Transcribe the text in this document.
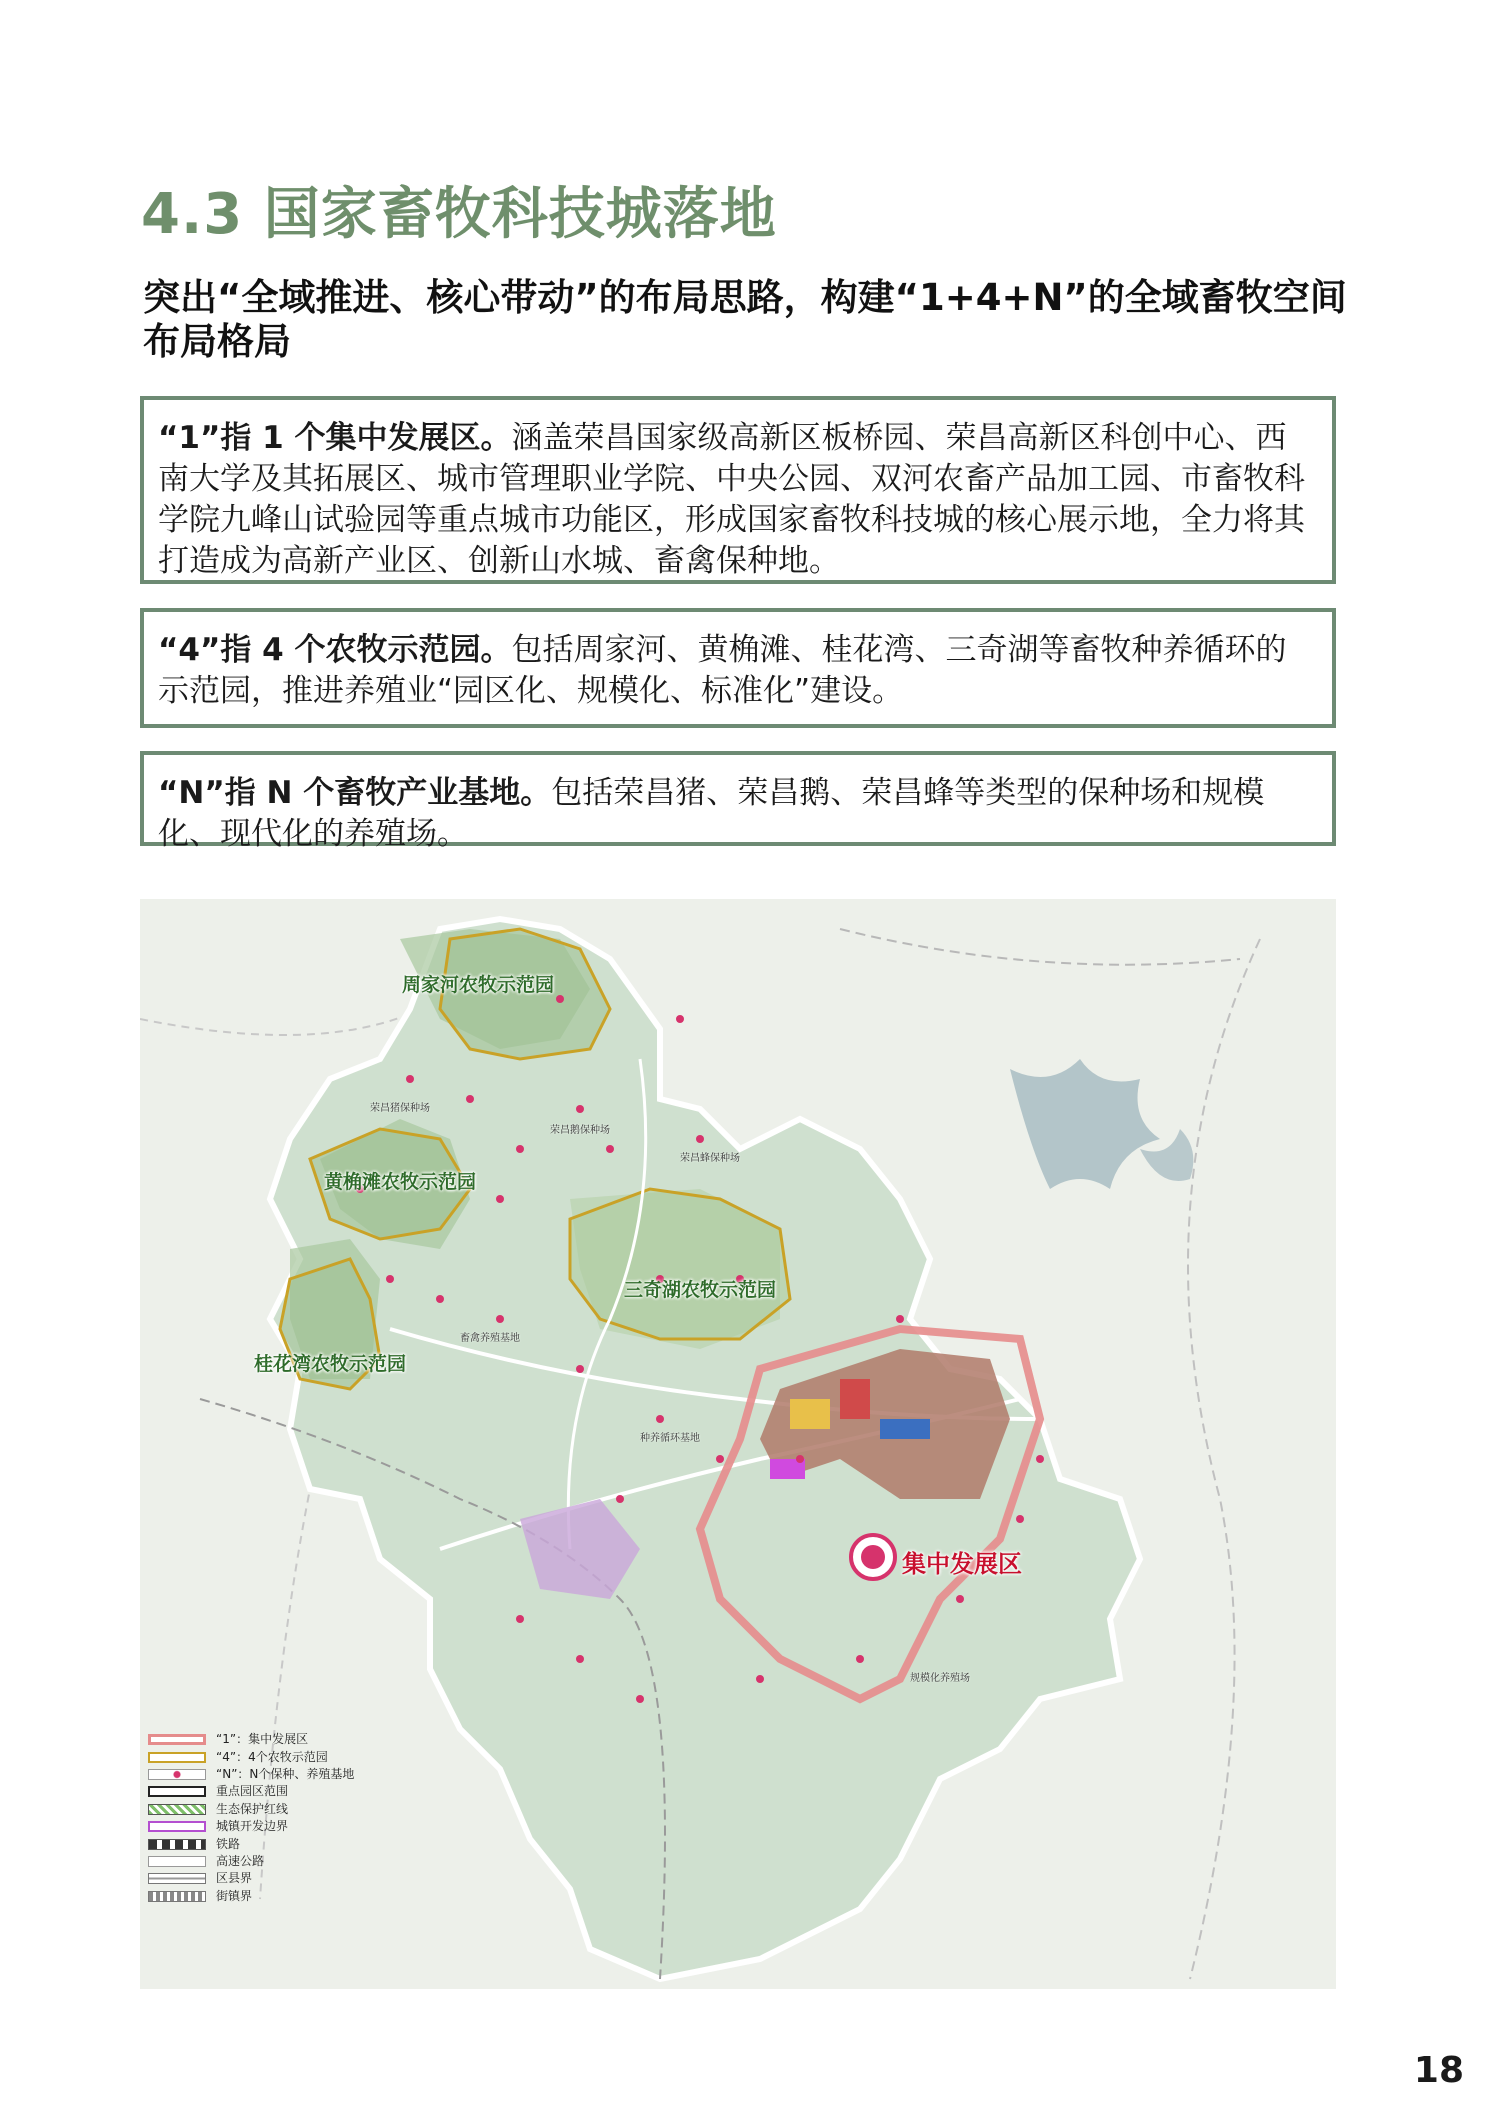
4.3 国家畜牧科技城落地
突出“全域推进、核心带动”的布局思路，构建“1+4+N”的全域畜牧空间布局格局
“1”指 1 个集中发展区。涵盖荣昌国家级高新区板桥园、荣昌高新区科创中心、西南大学及其拓展区、城市管理职业学院、中央公园、双河农畜产品加工园、市畜牧科学院九峰山试验园等重点城市功能区，形成国家畜牧科技城的核心展示地，全力将其打造成为高新产业区、创新山水城、畜禽保种地。
“4”指 4 个农牧示范园。包括周家河、黄桷滩、桂花湾、三奇湖等畜牧种养循环的示范园，推进养殖业“园区化、规模化、标准化”建设。
“N”指 N 个畜牧产业基地。包括荣昌猪、荣昌鹅、荣昌蜂等类型的保种场和规模化、现代化的养殖场。
周家河农牧示范园
黄桷滩农牧示范园
三奇湖农牧示范园
桂花湾农牧示范园
集中发展区
荣昌猪保种场
荣昌鹅保种场
荣昌蜂保种场
畜禽养殖基地
种养循环基地
规模化养殖场
“1”：集中发展区
“4”：4个农牧示范园
“N”：N个保种、养殖基地
重点园区范围
生态保护红线
城镇开发边界
铁路
高速公路
区县界
街镇界
18
